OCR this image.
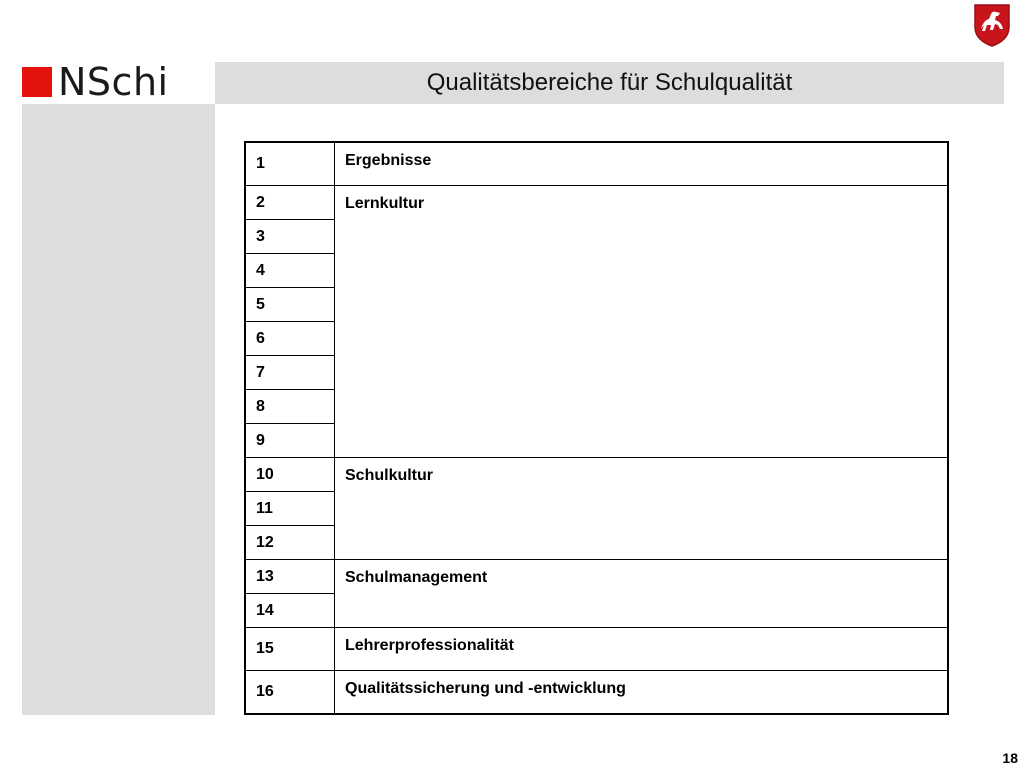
NSchi	Qualitätsbereiche für Schulqualität
1	Ergebnisse
2	Lernkultur
3	
4	
5	
6	
7	
8	
9	
10	Schulkultur
11	
12	
13	Schulmanagement
14	
15	Lehrerprofessionalität
16	Qualitätssicherung und -entwicklung
18
